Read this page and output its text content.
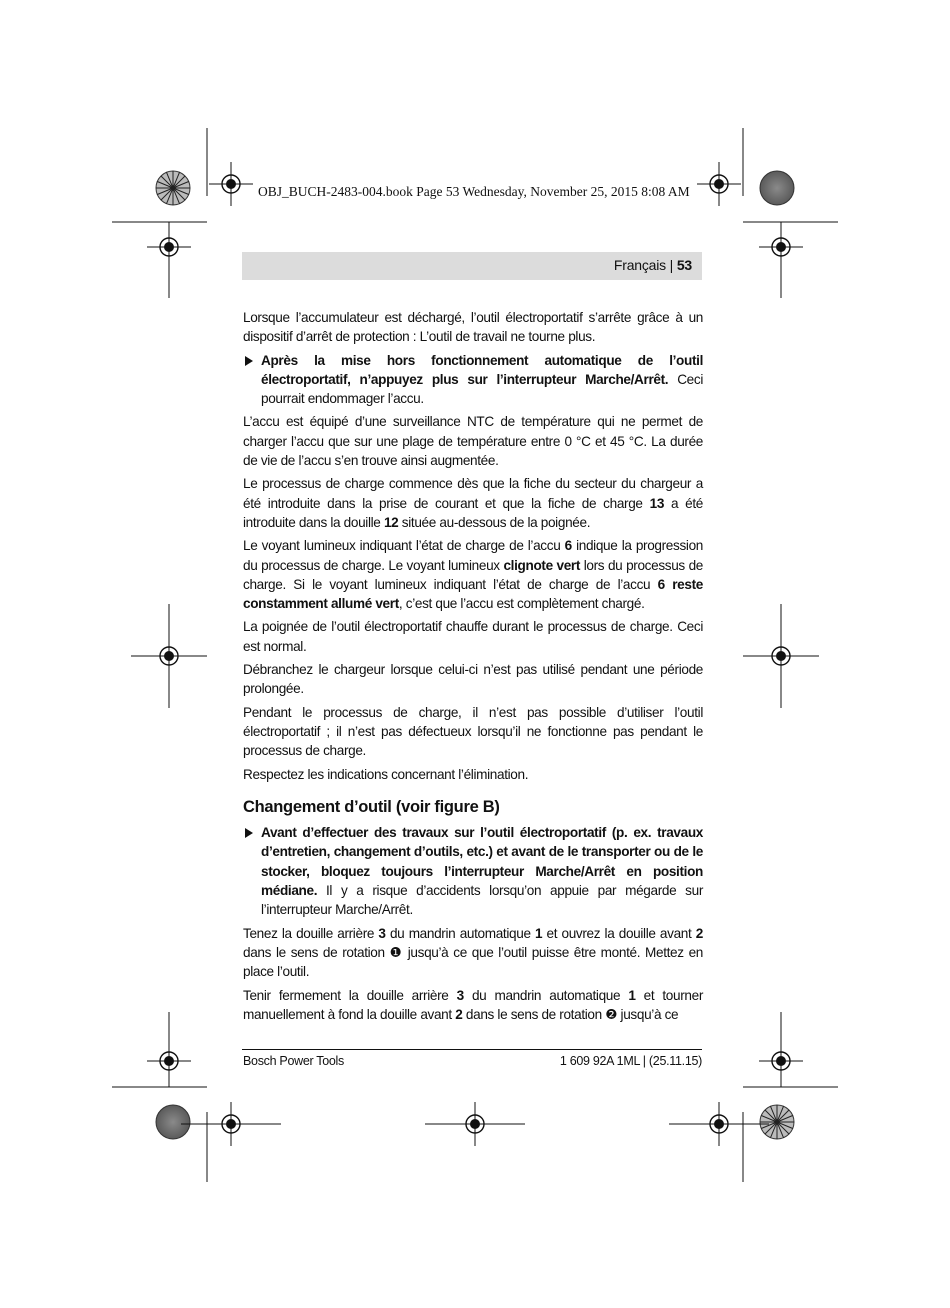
OBJ_BUCH-2483-004.book Page 53 Wednesday, November 25, 2015 8:08 AM
Français | 53

Lorsque l’accumulateur est déchargé, l’outil électroportatif s’arrête grâce à un dispositif d’arrêt de protection : L’outil de travail ne tourne plus.

Après la mise hors fonctionnement automatique de l’outil électroportatif, n’appuyez plus sur l’interrupteur Marche/Arrêt. Ceci pourrait endommager l’accu.

L’accu est équipé d’une surveillance NTC de température qui ne permet de charger l’accu que sur une plage de température entre 0 °C et 45 °C. La durée de vie de l’accu s’en trouve ainsi augmentée.

Le processus de charge commence dès que la fiche du secteur du chargeur a été introduite dans la prise de courant et que la fiche de charge 13 a été introduite dans la douille 12 située au-dessous de la poignée.

Le voyant lumineux indiquant l’état de charge de l’accu 6 indique la progression du processus de charge. Le voyant lumineux clignote vert lors du processus de charge. Si le voyant lumineux indiquant l’état de charge de l’accu 6 reste constamment allumé vert, c’est que l’accu est complètement chargé.

La poignée de l’outil électroportatif chauffe durant le processus de charge. Ceci est normal.

Débranchez le chargeur lorsque celui-ci n’est pas utilisé pendant une période prolongée.

Pendant le processus de charge, il n’est pas possible d’utiliser l’outil électroportatif ; il n’est pas défectueux lorsqu’il ne fonctionne pas pendant le processus de charge.

Respectez les indications concernant l’élimination.

Changement d’outil (voir figure B)
Avant d’effectuer des travaux sur l’outil électroportatif (p. ex. travaux d’entretien, changement d’outils, etc.) et avant de le transporter ou de le stocker, bloquez toujours l’interrupteur Marche/Arrêt en position médiane. Il y a risque d’accidents lorsqu’on appuie par mégarde sur l’interrupteur Marche/Arrêt.

Tenez la douille arrière 3 du mandrin automatique 1 et ouvrez la douille avant 2 dans le sens de rotation ❶ jusqu’à ce que l’outil puisse être monté. Mettez en place l’outil.

Tenir fermement la douille arrière 3 du mandrin automatique 1 et tourner manuellement à fond la douille avant 2 dans le sens de rotation ❷ jusqu’à ce

Bosch Power Tools	1 609 92A 1ML | (25.11.15)
